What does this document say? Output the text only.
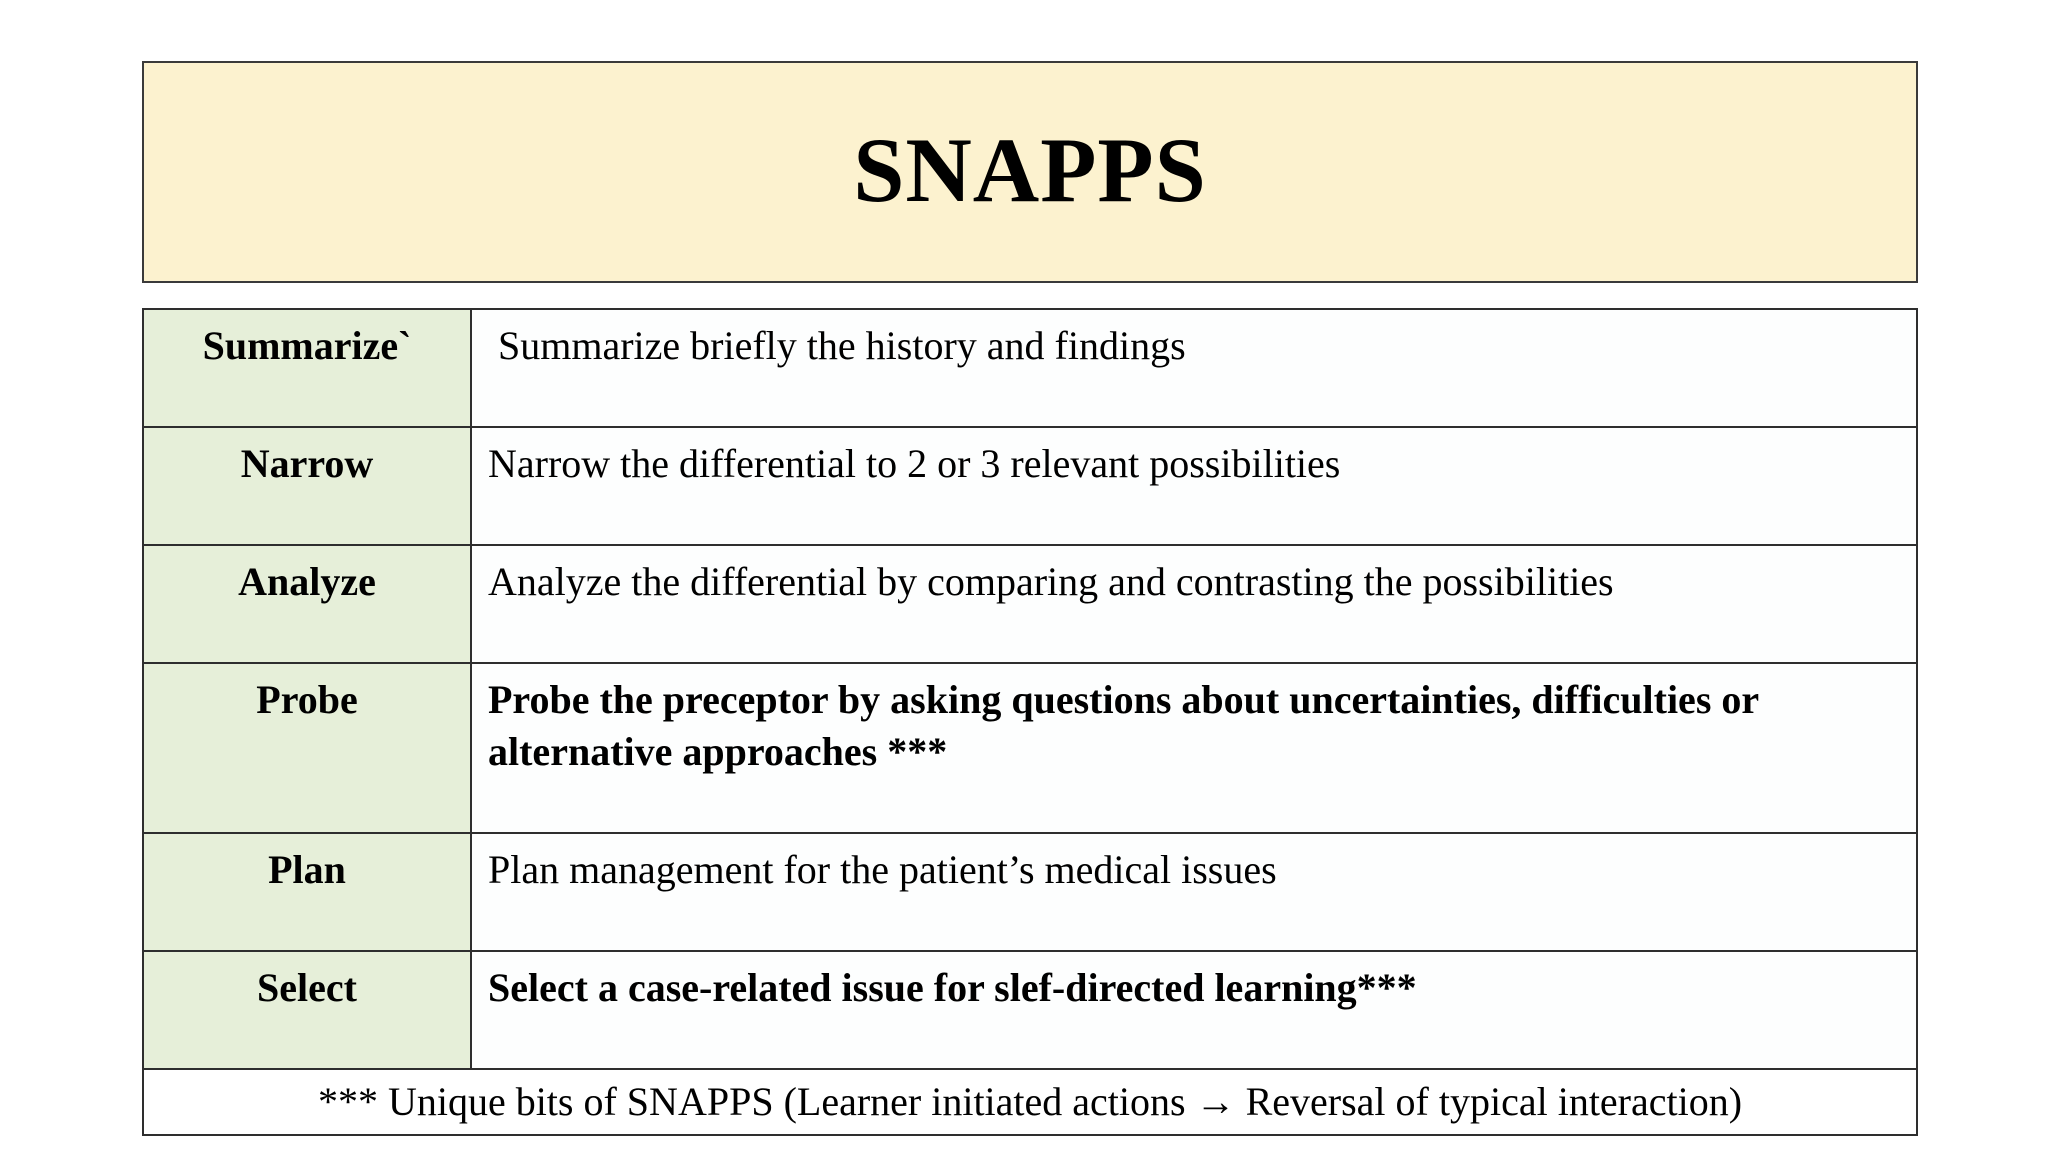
SNAPPS
Summarize`	Summarize briefly the history and findings
Narrow	Narrow the differential to 2 or 3 relevant possibilities
Analyze	Analyze the differential by comparing and contrasting the possibilities
Probe	Probe the preceptor by asking questions about uncertainties, difficulties or alternative approaches ***
Plan	Plan management for the patient’s medical issues
Select	Select a case-related issue for slef-directed learning***
*** Unique bits of SNAPPS (Learner initiated actions → Reversal of typical interaction)	
